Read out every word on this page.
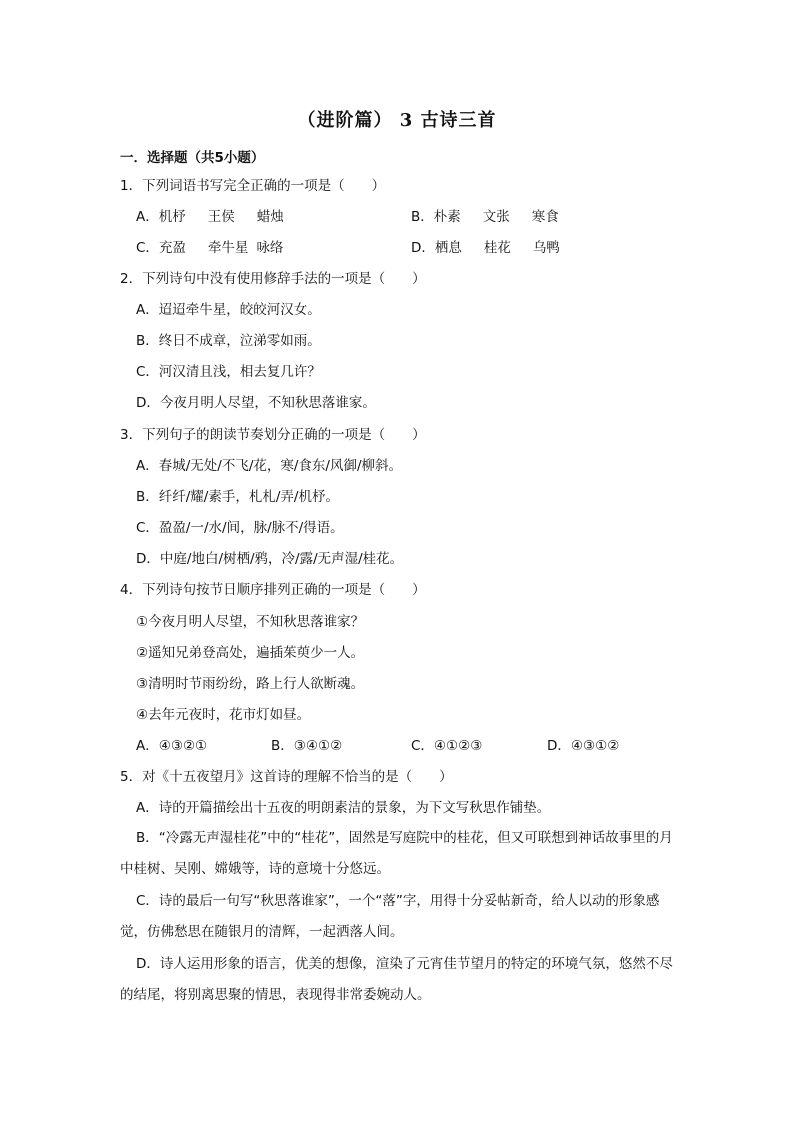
（进阶篇） 3 古诗三首
一．选择题（共5小题）
1．下列词语书写完全正确的一项是（　　）
A．机杼 王侯 蜡烛	B．朴素 文张 寒食
C．充盈 牵牛星 咏络	D．栖息 桂花 乌鸭
2．下列诗句中没有使用修辞手法的一项是（　　）
A．迢迢牵牛星，皎皎河汉女。
B．终日不成章，泣涕零如雨。
C．河汉清且浅，相去复几许？
D．今夜月明人尽望，不知秋思落谁家。
3．下列句子的朗读节奏划分正确的一项是（　　）
A．春城/无处/不飞/花，寒/食东/风御/柳斜。
B．纤纤/耀/素手，札札/弄/机杼。
C．盈盈/一/水/间，脉/脉不/得语。
D．中庭/地白/树栖/鸦，冷/露/无声湿/桂花。
4．下列诗句按节日顺序排列正确的一项是（　　）
①今夜月明人尽望，不知秋思落谁家？
②遥知兄弟登高处，遍插茱萸少一人。
③清明时节雨纷纷，路上行人欲断魂。
④去年元夜时，花市灯如昼。
A．④③②①	B．③④①②	C．④①②③	D．④③①②
5．对《十五夜望月》这首诗的理解不恰当的是（　　）
A．诗的开篇描绘出十五夜的明朗素洁的景象，为下文写秋思作铺垫。
B．“冷露无声湿桂花”中的“桂花”，固然是写庭院中的桂花，但又可联想到神话故事里的月中桂树、吴刚、嫦娥等，诗的意境十分悠远。
C．诗的最后一句写“秋思落谁家”，一个“落”字，用得十分妥帖新奇，给人以动的形象感觉，仿佛愁思在随银月的清辉，一起洒落人间。
D．诗人运用形象的语言，优美的想像，渲染了元宵佳节望月的特定的环境气氛，悠然不尽的结尾，将别离思聚的情思，表现得非常委婉动人。
